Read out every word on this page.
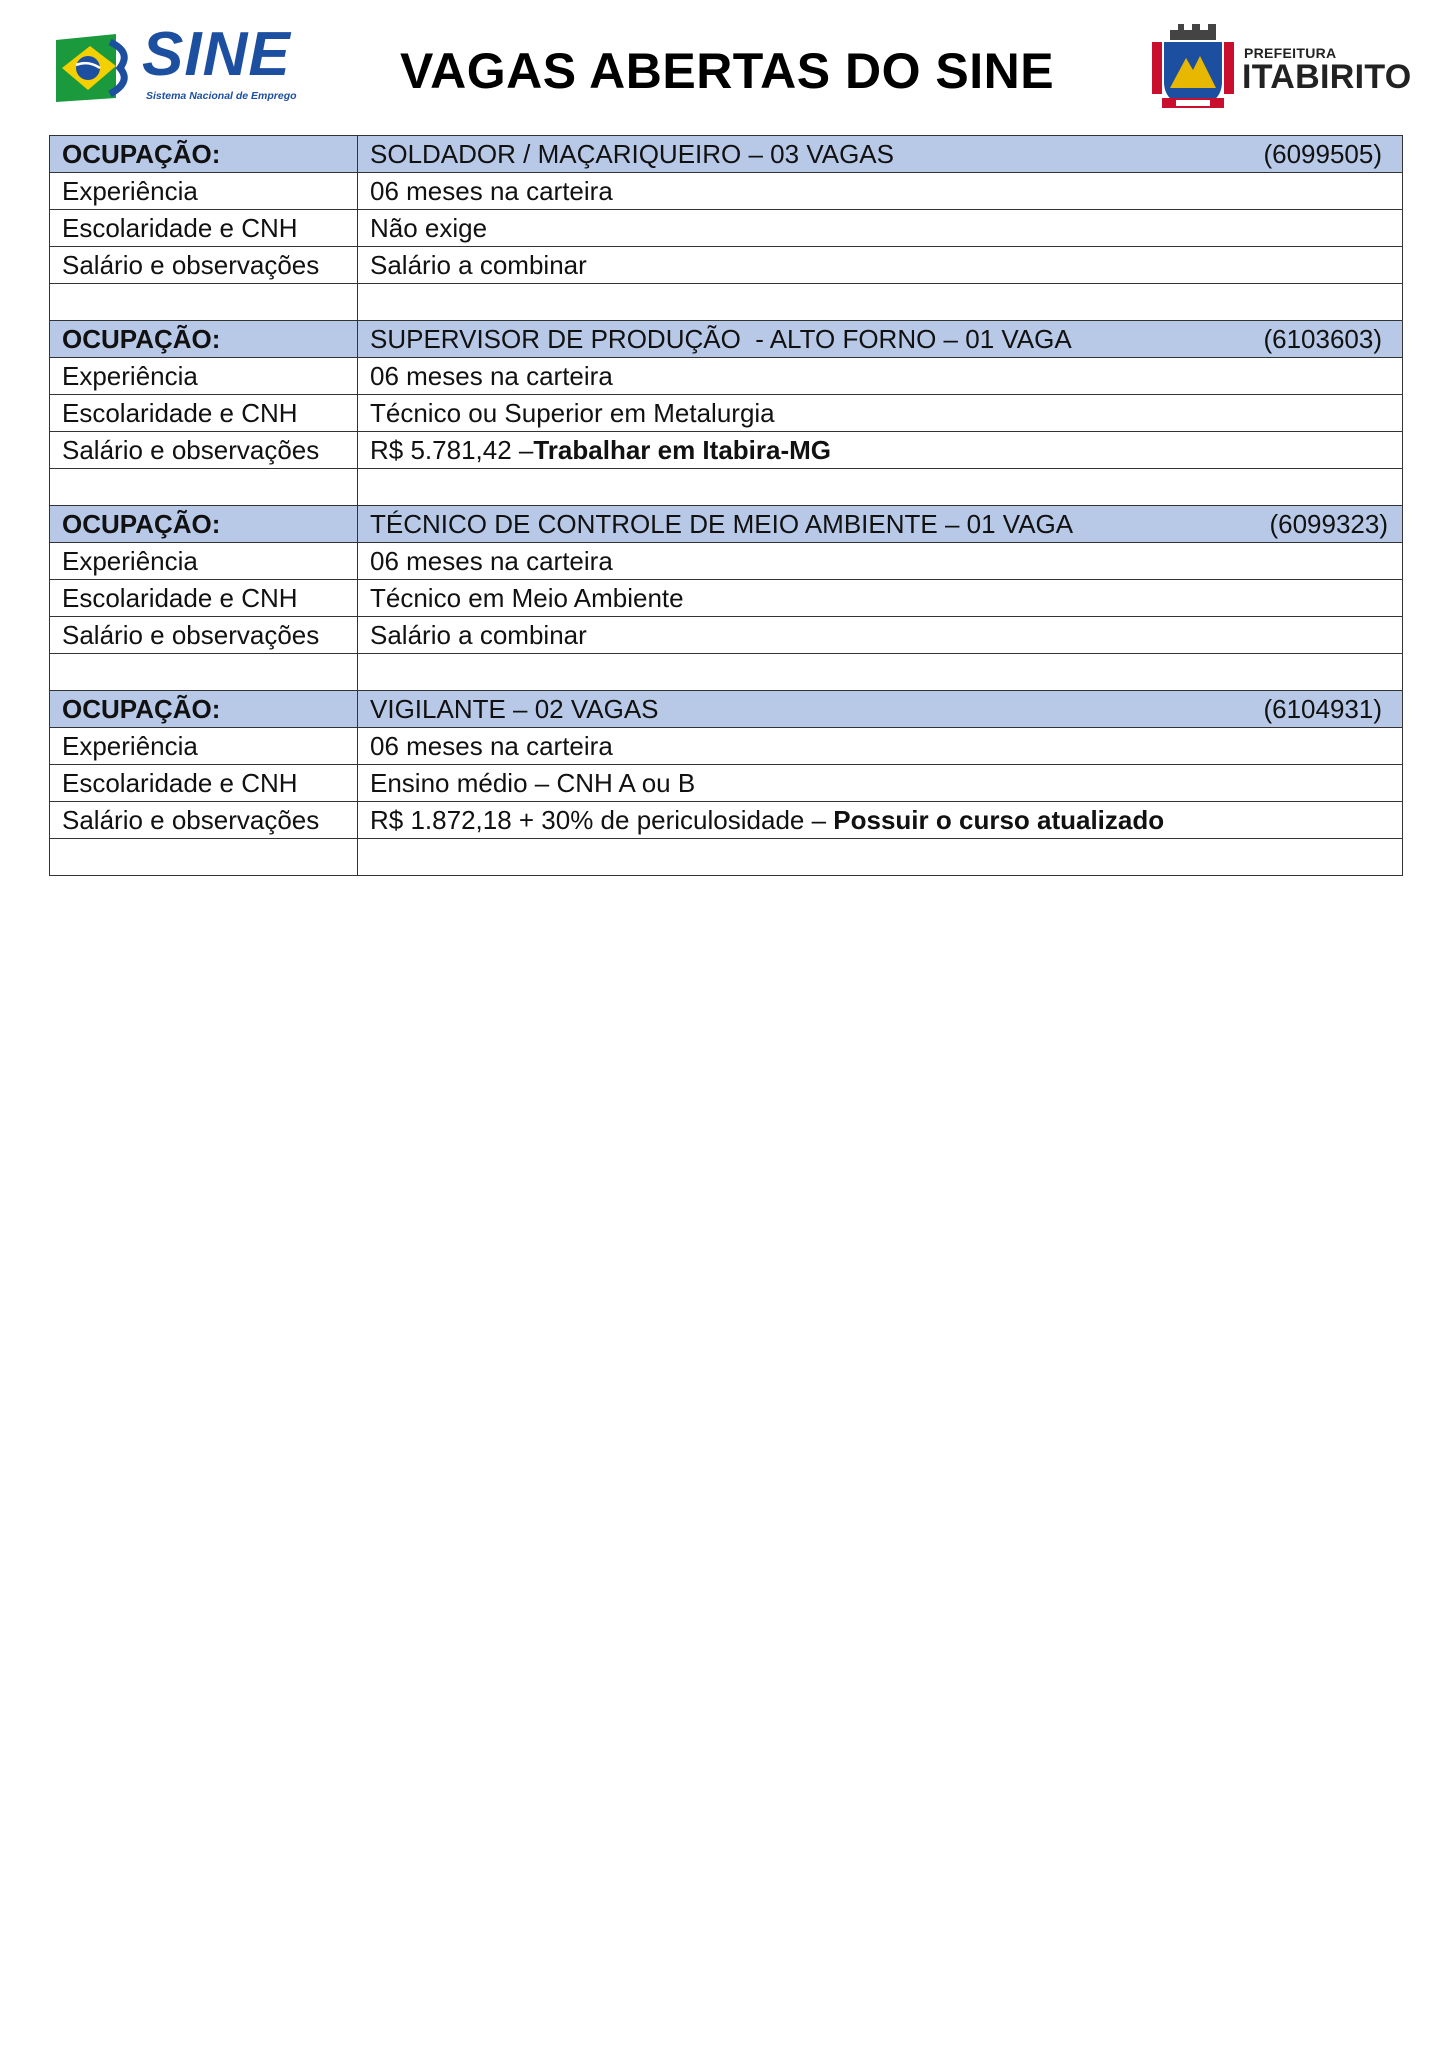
SINE
Sistema Nacional de Emprego VAGAS ABERTAS DO SINE	PREFEITURA
ITABIRITO
OCUPAÇÃO:	SOLDADOR / MAÇARIQUEIRO – 03 VAGAS (6099505)

Experiência	06 meses na carteira
Escolaridade e CNH	Não exige
Salário e observações	Salário a combinar

OCUPAÇÃO:	SUPERVISOR DE PRODUÇÃO  - ALTO FORNO – 01 VAGA (6103603)

Experiência	06 meses na carteira
Escolaridade e CNH	Técnico ou Superior em Metalurgia
Salário e observações	R$ 5.781,42 –Trabalhar em Itabira-MG

OCUPAÇÃO:	TÉCNICO DE CONTROLE DE MEIO AMBIENTE – 01 VAGA (6099323)

Experiência	06 meses na carteira
Escolaridade e CNH	Técnico em Meio Ambiente
Salário e observações	Salário a combinar

OCUPAÇÃO:	VIGILANTE – 02 VAGAS (6104931)

Experiência	06 meses na carteira
Escolaridade e CNH	Ensino médio – CNH A ou B
Salário e observações	R$ 1.872,18 + 30% de periculosidade – Possuir o curso atualizado
